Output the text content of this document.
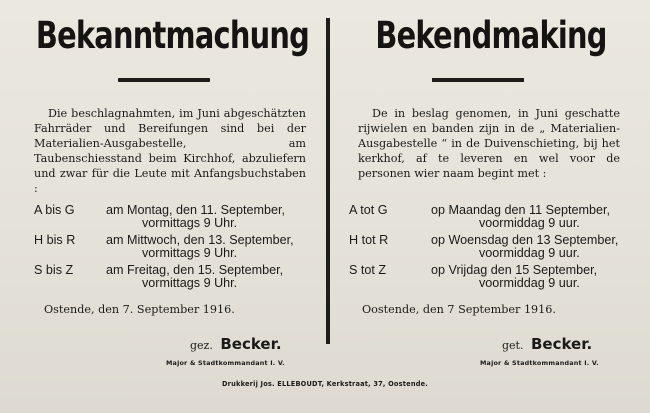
Bekanntmachung
Die beschlagnahmten, im Juni abgeschätzten Fahrräder und Bereifungen sind bei der Materialien-Ausgabestelle, am Taubenschiesstand beim Kirchhof, abzuliefern und zwar für die Leute mit Anfangsbuchstaben :
A bis G am Montag, den 11. September,
vormittags 9 Uhr.
H bis R am Mittwoch, den 13. September,
vormittags 9 Uhr.
S bis Z	am Freitag, den 15. September,
vormittags 9 Uhr.
Ostende, den 7. September 1916.
gez. Becker.
Major & Stadtkommandant I. V.
Bekendmaking
De in beslag genomen, in Juni geschatte rijwielen en banden zijn in de „ Materialien-Ausgabestelle “ in de Duivenschieting, bij het kerkhof, af te leveren en wel voor de personen wier naam begint met :
A tot G	op Maandag den 11 September,
voormiddag 9 uur.
H tot R	op Woensdag den 13 September,
voormiddag 9 uur.
S tot Z	op Vrijdag den 15 September,
voormiddag 9 uur.
Oostende, den 7 September 1916.
get. Becker.
Major & Stadtkommandant I. V.
Drukkerij Jos. ELLEBOUDT, Kerkstraat, 37, Oostende.
